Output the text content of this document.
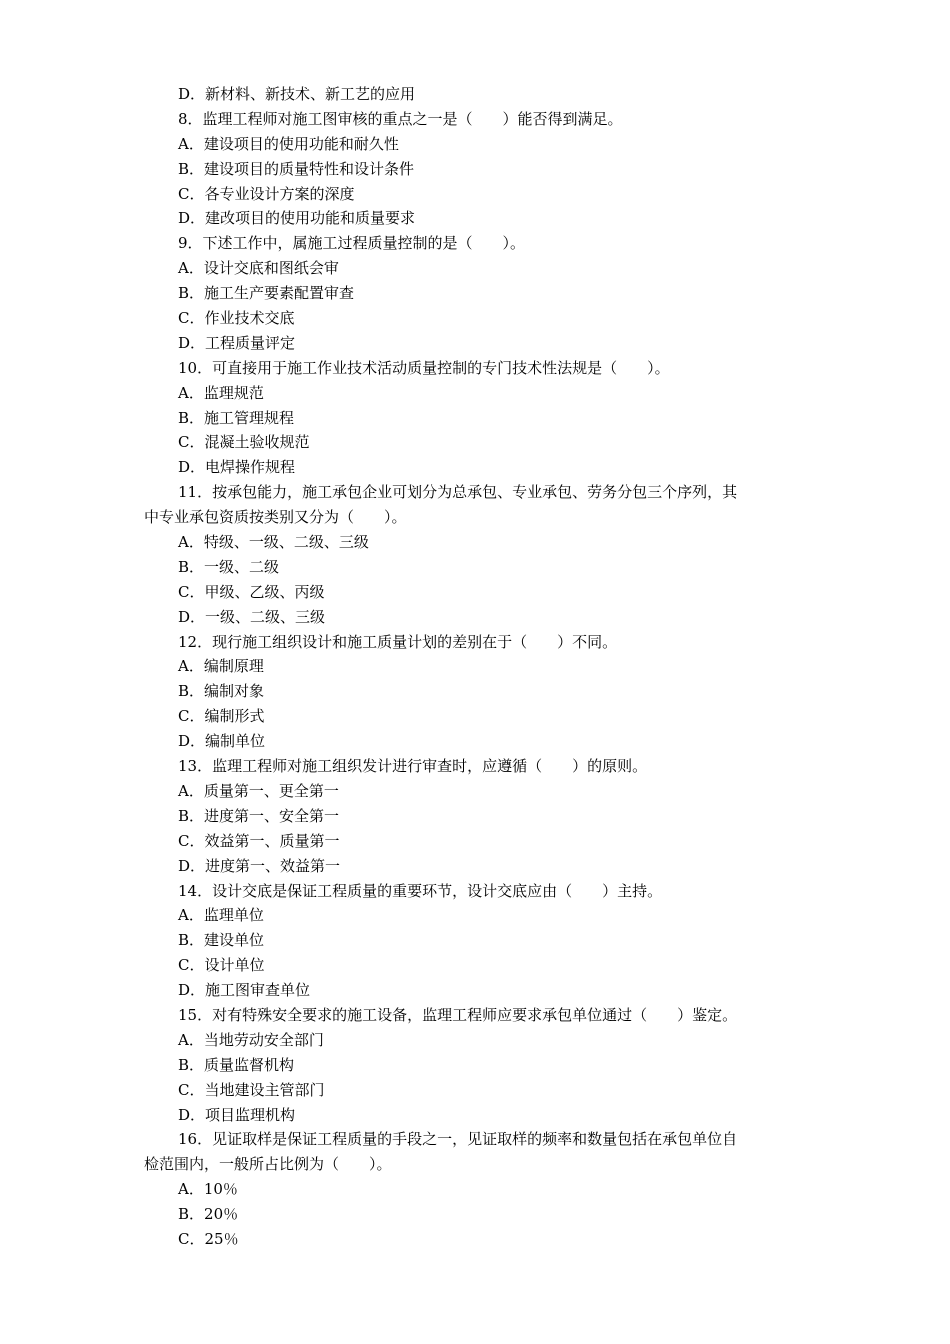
D．新材料、新技术、新工艺的应用
8．监理工程师对施工图审核的重点之一是（　　）能否得到满足。
A．建设项目的使用功能和耐久性
B．建设项目的质量特性和设计条件
C．各专业设计方案的深度
D．建改项目的使用功能和质量要求
9．下述工作中，属施工过程质量控制的是（　　）。
A．设计交底和图纸会审
B．施工生产要素配置审查
C．作业技术交底
D．工程质量评定
10．可直接用于施工作业技术活动质量控制的专门技术性法规是（　　）。
A．监理规范
B．施工管理规程
C．混凝土验收规范
D．电焊操作规程
11．按承包能力，施工承包企业可划分为总承包、专业承包、劳务分包三个序列，其
中专业承包资质按类别又分为（　　）。
A．特级、一级、二级、三级
B．一级、二级
C．甲级、乙级、丙级
D．一级、二级、三级
12．现行施工组织设计和施工质量计划的差别在于（　　）不同。
A．编制原理
B．编制对象
C．编制形式
D．编制单位
13．监理工程师对施工组织发计进行审查时，应遵循（　　）的原则。
A．质量第一、更全第一
B．进度第一、安全第一
C．效益第一、质量第一
D．进度第一、效益第一
14．设计交底是保证工程质量的重要环节，设计交底应由（　　）主持。
A．监理单位
B．建设单位
C．设计单位
D．施工图审查单位
15．对有特殊安全要求的施工设备，监理工程师应要求承包单位通过（　　）鉴定。
A．当地劳动安全部门
B．质量监督机构
C．当地建设主管部门
D．项目监理机构
16．见证取样是保证工程质量的手段之一，见证取样的频率和数量包括在承包单位自
检范围内，一般所占比例为（　　）。
A．10％
B．20％
C．25％
